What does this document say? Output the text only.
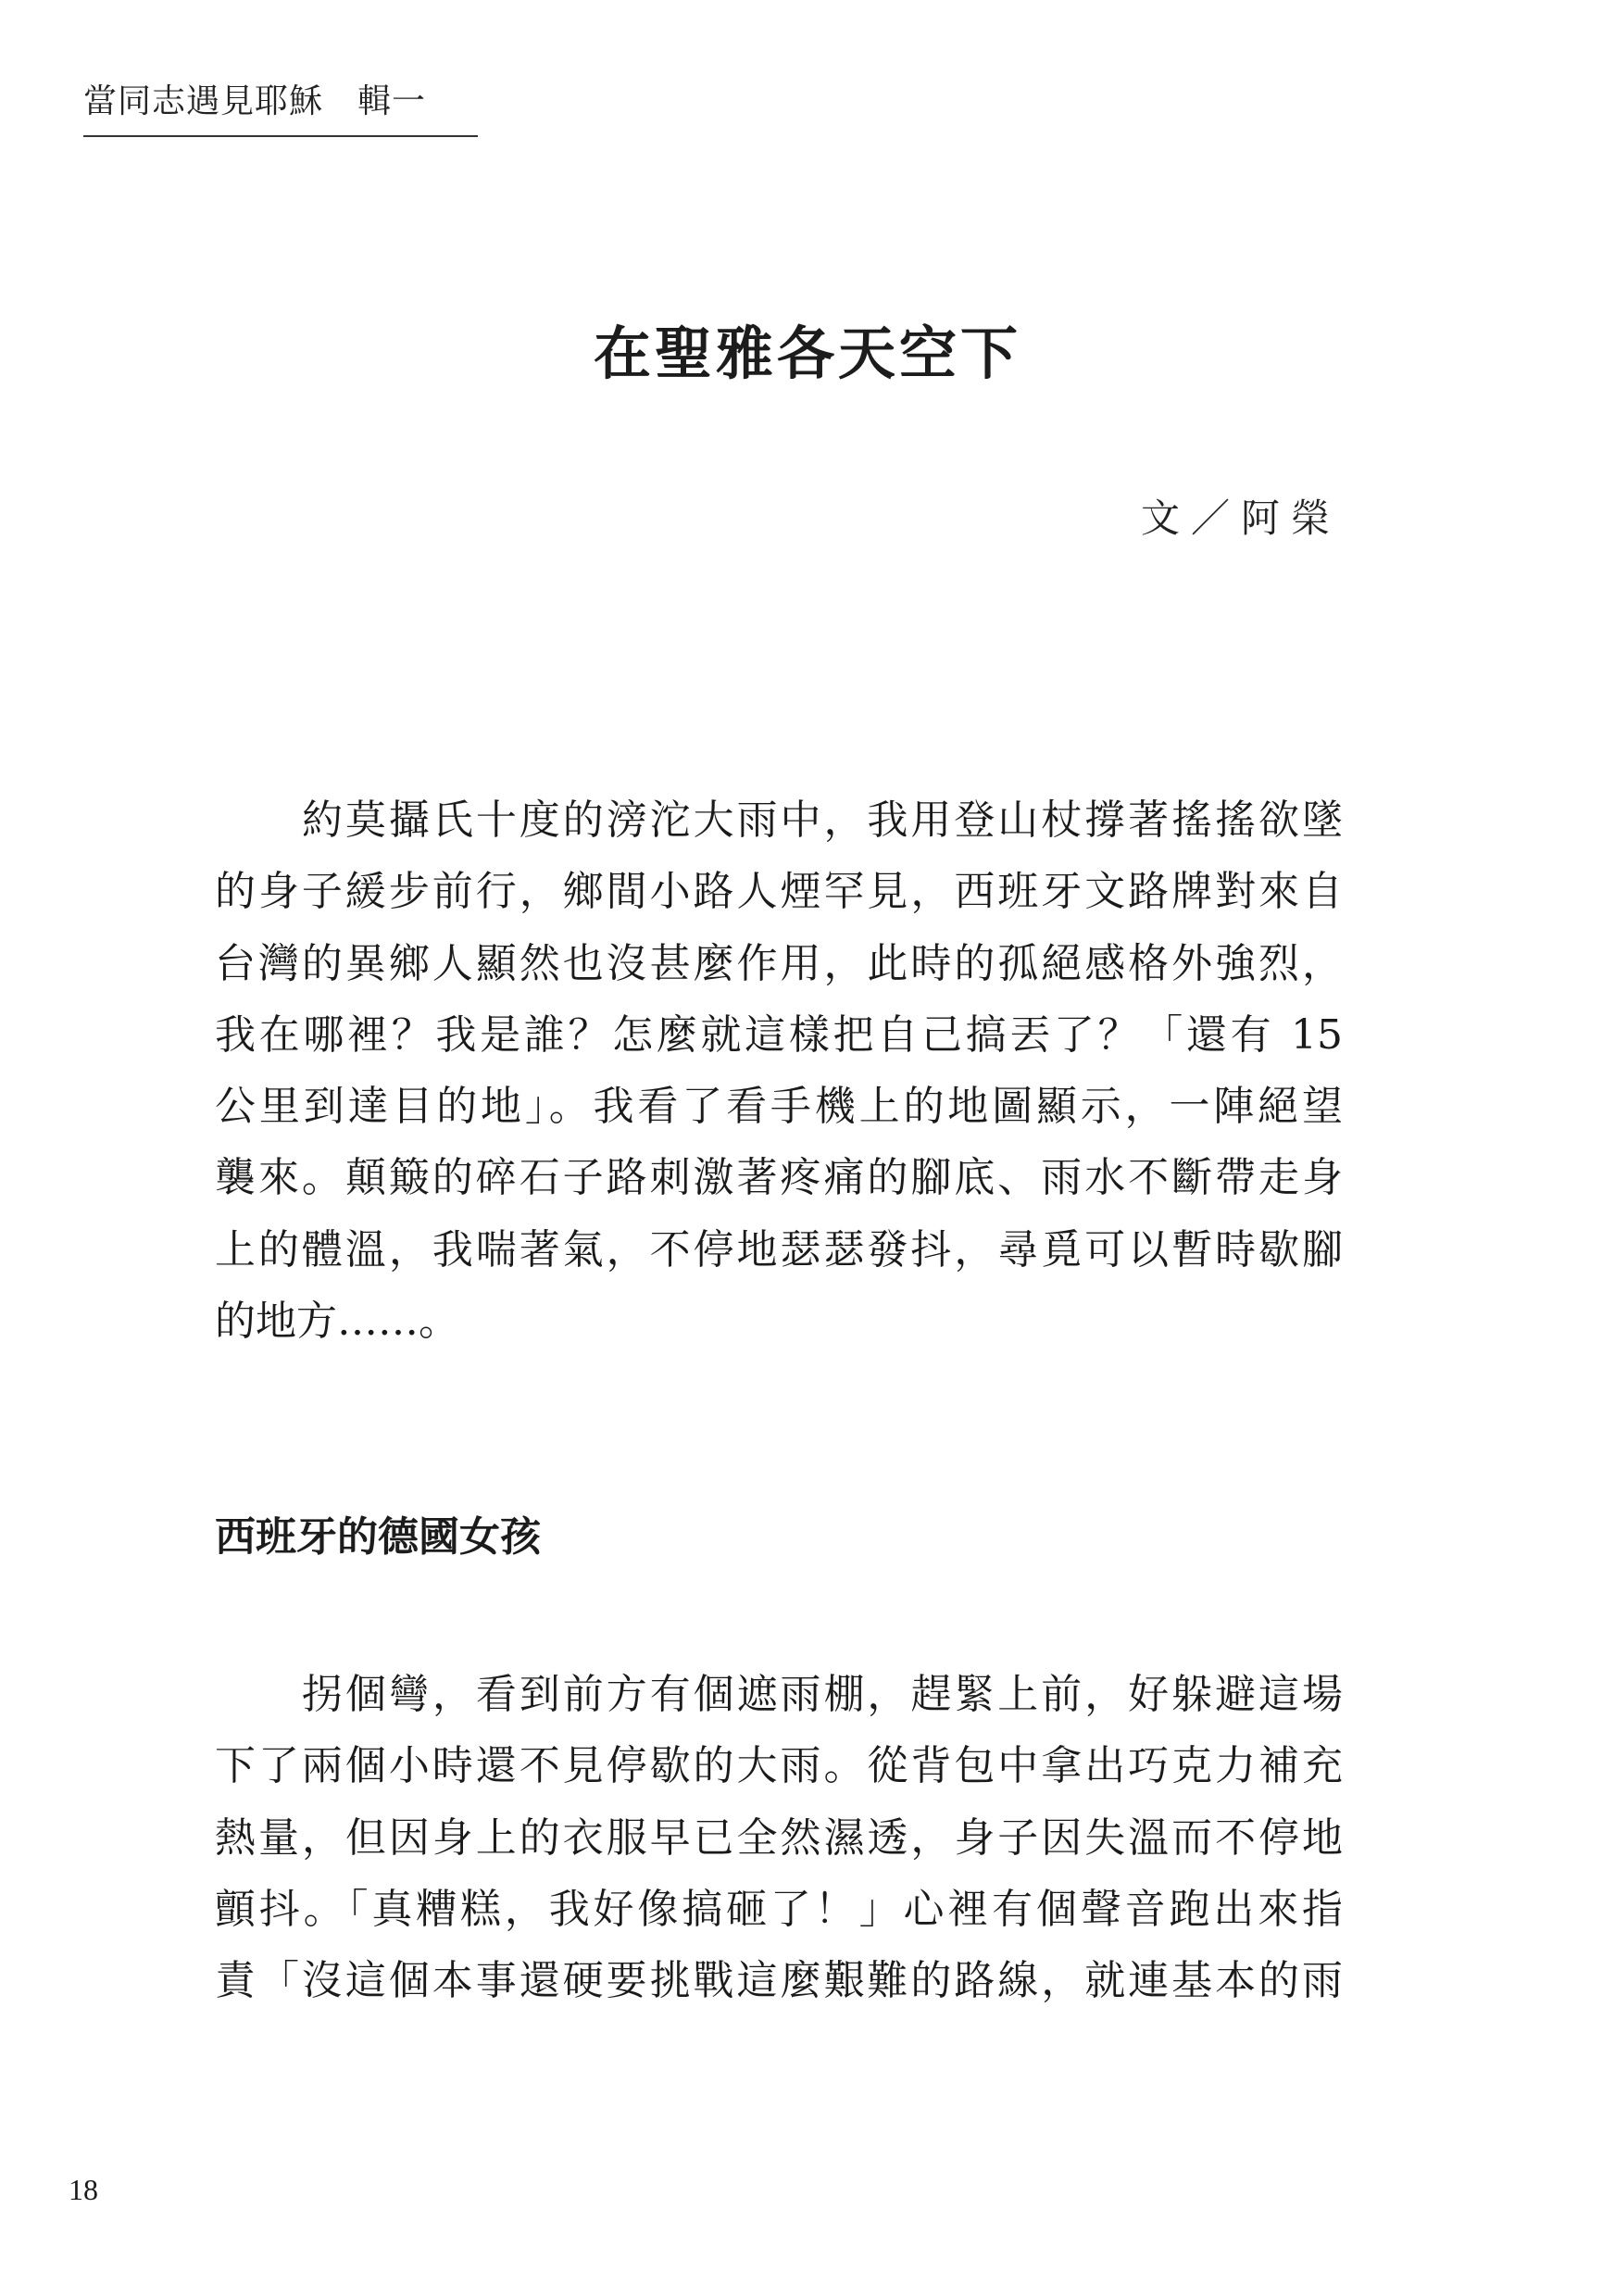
當同志遇見耶穌　輯一
在聖雅各天空下
文／阿榮
約莫攝氏十度的滂沱大雨中，我用登山杖撐著搖搖欲墜
的身子緩步前行，鄉間小路人煙罕見，西班牙文路牌對來自
台灣的異鄉人顯然也沒甚麼作用，此時的孤絕感格外強烈，
我在哪裡？我是誰？怎麼就這樣把自己搞丟了？「還有 15
公里到達目的地」。我看了看手機上的地圖顯示，一陣絕望
襲來。顛簸的碎石子路刺激著疼痛的腳底、雨水不斷帶走身
上的體溫，我喘著氣，不停地瑟瑟發抖，尋覓可以暫時歇腳
的地方……。
西班牙的德國女孩
拐個彎，看到前方有個遮雨棚，趕緊上前，好躲避這場
下了兩個小時還不見停歇的大雨。從背包中拿出巧克力補充
熱量，但因身上的衣服早已全然濕透，身子因失溫而不停地
顫抖。「真糟糕，我好像搞砸了！」心裡有個聲音跑出來指
責「沒這個本事還硬要挑戰這麼艱難的路線，就連基本的雨
18
